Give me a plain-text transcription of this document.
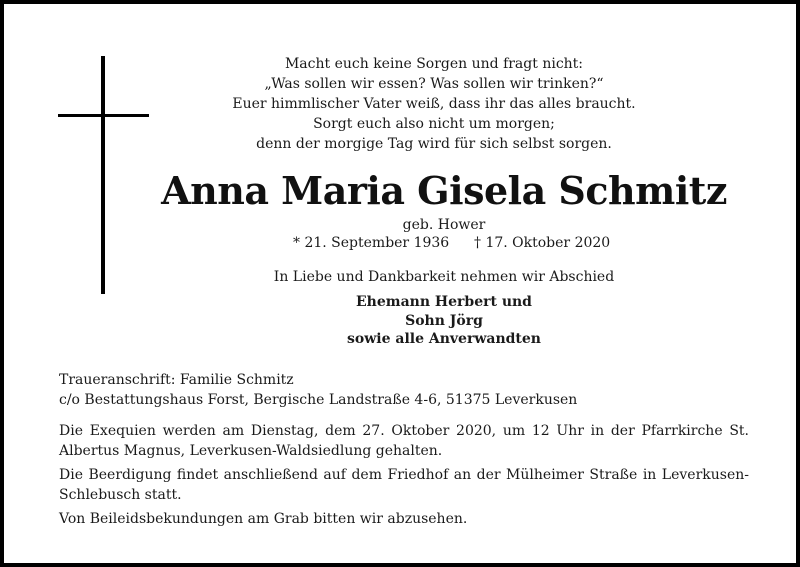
Macht euch keine Sorgen und fragt nicht:
„Was sollen wir essen? Was sollen wir trinken?“
Euer himmlischer Vater weiß, dass ihr das alles braucht.
Sorgt euch also nicht um morgen;
denn der morgige Tag wird für sich selbst sorgen.
Anna Maria Gisela Schmitz
geb. Hower
* 21. September 1936 † 17. Oktober 2020
In Liebe und Dankbarkeit nehmen wir Abschied
Ehemann Herbert und
Sohn Jörg
sowie alle Anverwandten
Traueranschrift: Familie Schmitz
c/o Bestattungshaus Forst, Bergische Landstraße 4-6, 51375 Leverkusen

Die Exequien werden am Dienstag, dem 27. Oktober 2020, um 12 Uhr in der Pfarrkirche St. Albertus Magnus, Leverkusen-Waldsiedlung gehalten.

Die Beerdigung findet anschließend auf dem Friedhof an der Mülheimer Straße in Leverkusen-Schlebusch statt.

Von Beileidsbekundungen am Grab bitten wir abzusehen.
